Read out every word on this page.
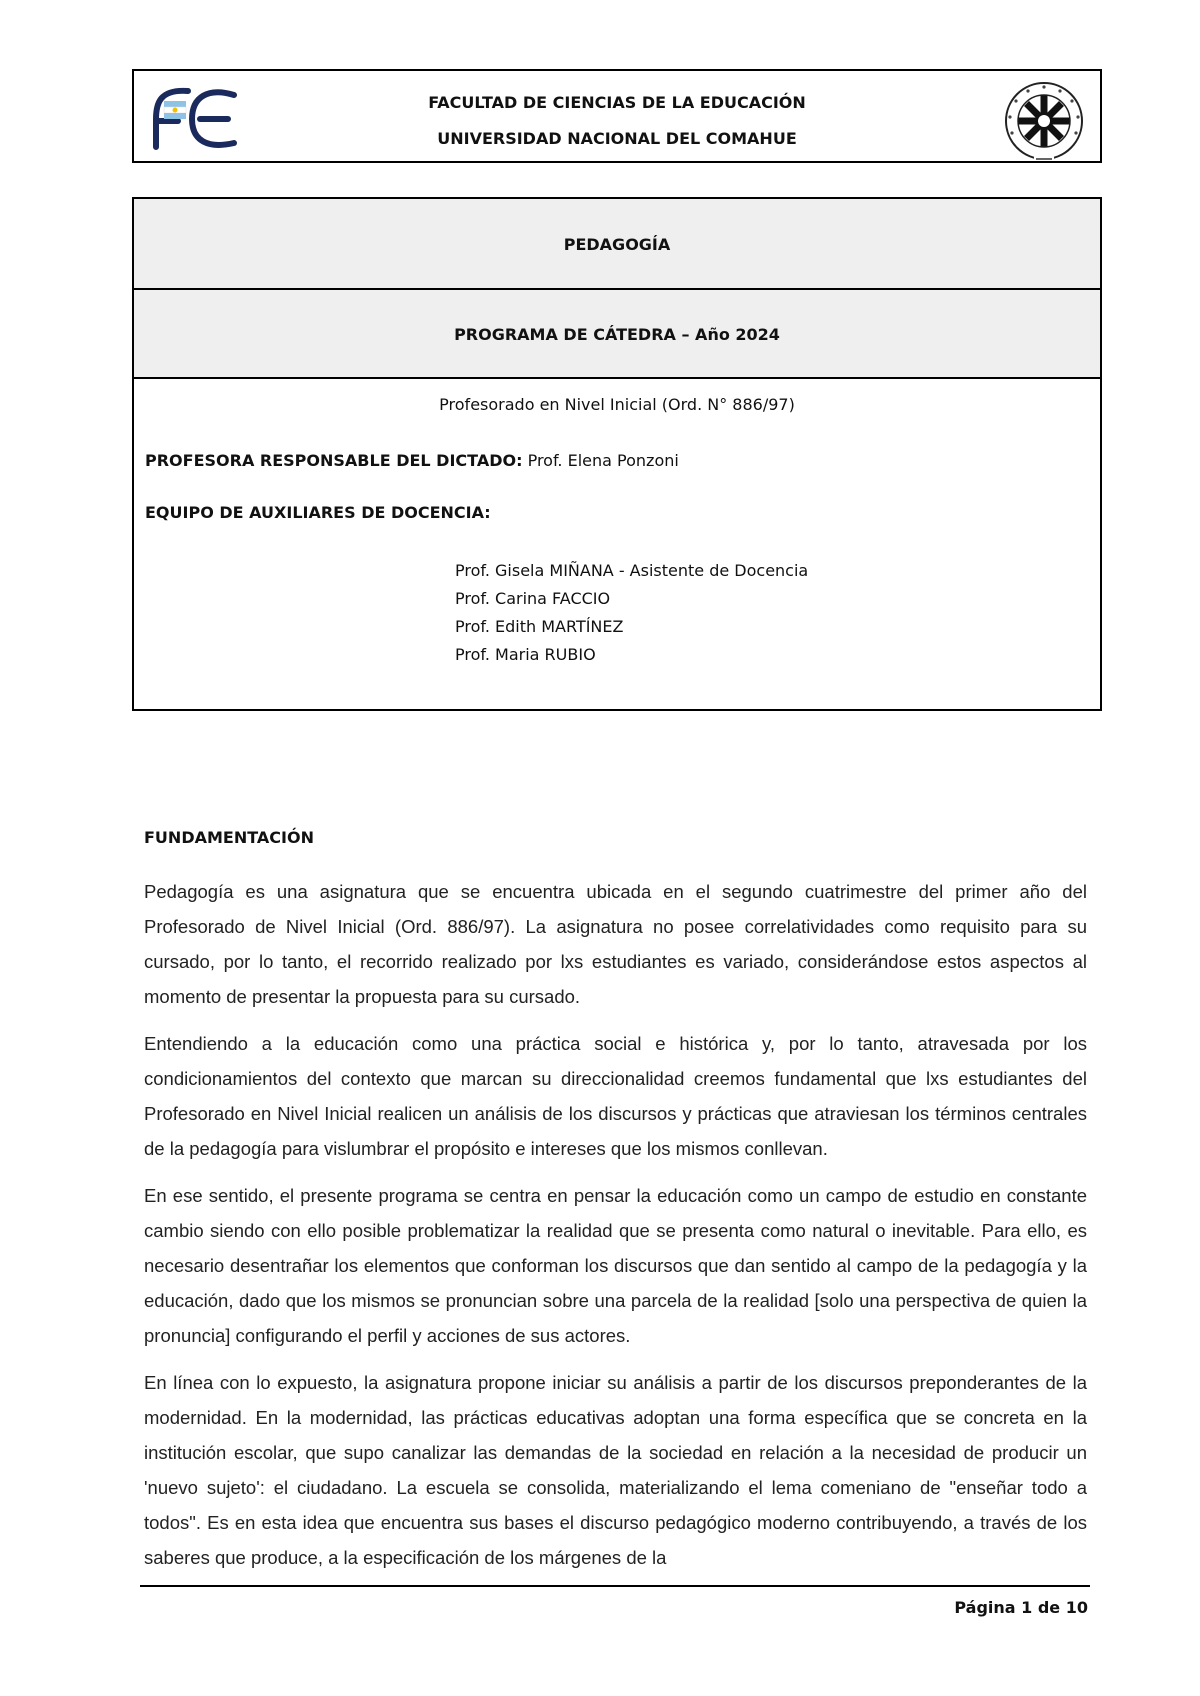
FACULTAD DE CIENCIAS DE LA EDUCACIÓN
UNIVERSIDAD NACIONAL DEL COMAHUE
PEDAGOGÍA
PROGRAMA DE CÁTEDRA – Año 2024
Profesorado en Nivel Inicial (Ord. N° 886/97)
PROFESORA RESPONSABLE DEL DICTADO: Prof. Elena Ponzoni
EQUIPO DE AUXILIARES DE DOCENCIA:
Prof. Gisela MIÑANA - Asistente de Docencia
Prof. Carina FACCIO
Prof. Edith MARTÍNEZ
Prof. Maria RUBIO
FUNDAMENTACIÓN

Pedagogía es una asignatura que se encuentra ubicada en el segundo cuatrimestre del primer año del Profesorado de Nivel Inicial (Ord. 886/97). La asignatura no posee correlatividades como requisito para su cursado, por lo tanto, el recorrido realizado por lxs estudiantes es variado, considerándose estos aspectos al momento de presentar la propuesta para su cursado.

Entendiendo a la educación como una práctica social e histórica y, por lo tanto, atravesada por los condicionamientos del contexto que marcan su direccionalidad creemos fundamental que lxs estudiantes del Profesorado en Nivel Inicial realicen un análisis de los discursos y prácticas que atraviesan los términos centrales de la pedagogía para vislumbrar el propósito e intereses que los mismos conllevan.

En ese sentido, el presente programa se centra en pensar la educación como un campo de estudio en constante cambio siendo con ello posible problematizar la realidad que se presenta como natural o inevitable. Para ello, es necesario desentrañar los elementos que conforman los discursos que dan sentido al campo de la pedagogía y la educación, dado que los mismos se pronuncian sobre una parcela de la realidad [solo una perspectiva de quien la pronuncia] configurando el perfil y acciones de sus actores.

En línea con lo expuesto, la asignatura propone iniciar su análisis a partir de los discursos preponderantes de la modernidad. En la modernidad, las prácticas educativas adoptan una forma específica que se concreta en la institución escolar, que supo canalizar las demandas de la sociedad en relación a la necesidad de producir un 'nuevo sujeto': el ciudadano. La escuela se consolida, materializando el lema comeniano de "enseñar todo a todos". Es en esta idea que encuentra sus bases el discurso pedagógico moderno contribuyendo, a través de los saberes que produce, a la especificación de los márgenes de la

Página 1 de 10
